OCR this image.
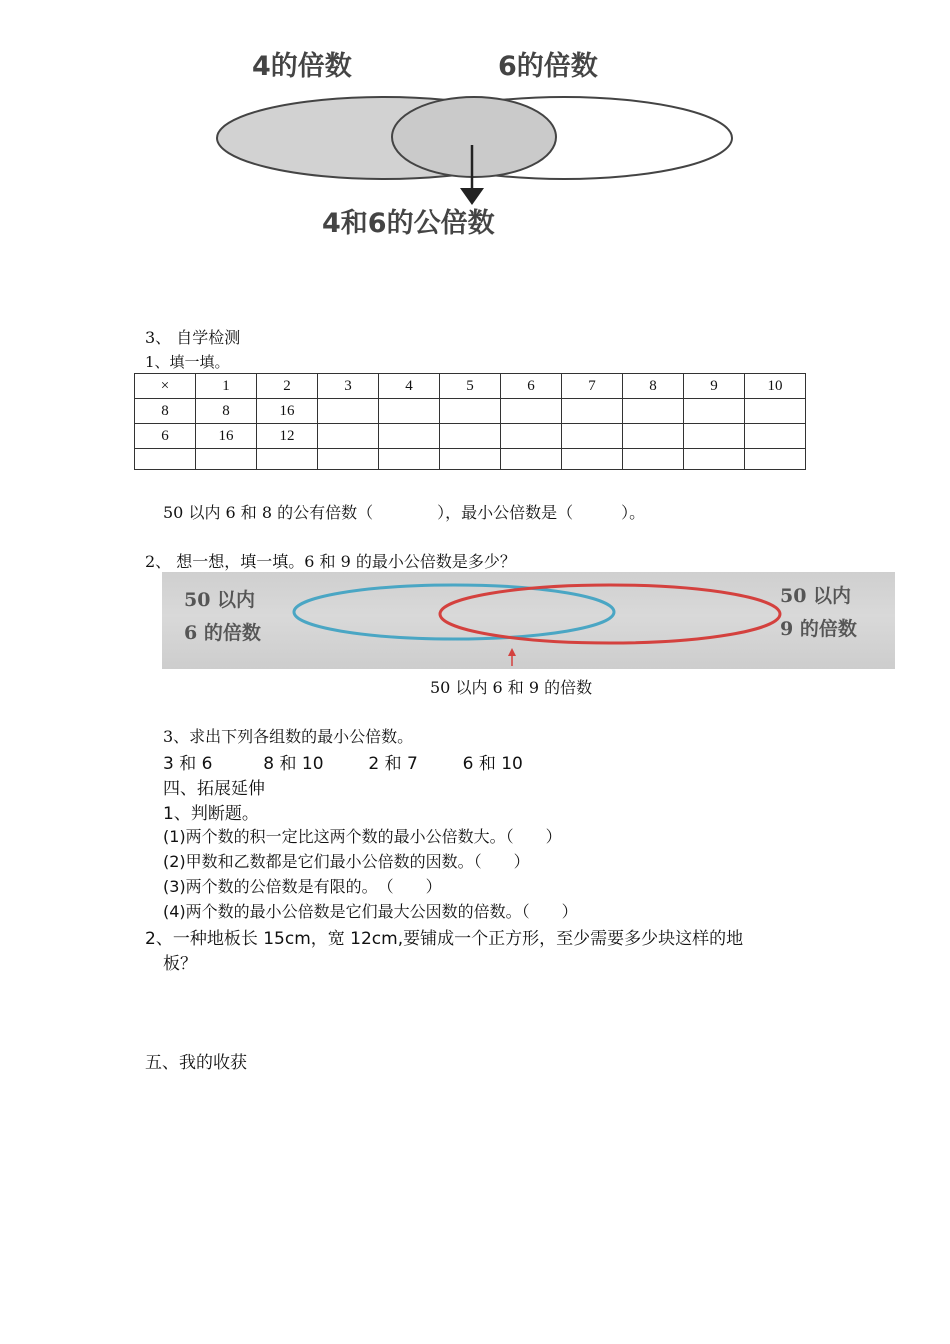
4的倍数	6的倍数
4和6的公倍数
3、 自学检测
1、填一填。
×	1	2	3	4	5	6	7	8	9	10
8	8	16								
6	16	12								

50 以内 6 和 8 的公有倍数（　　　　），最小公倍数是（　　　）。
2、 想一想，填一填。6 和 9 的最小公倍数是多少？
50 以内
6 的倍数
50 以内
9 的倍数
50 以内 6 和 9 的倍数
3、求出下列各组数的最小公倍数。
3 和 6	8 和 10	2 和 7	6 和 10
四、拓展延伸
1、判断题。
(1)两个数的积一定比这两个数的最小公倍数大。（　　）
(2)甲数和乙数都是它们最小公倍数的因数。（　　）
(3)两个数的公倍数是有限的。　（　　）
(4)两个数的最小公倍数是它们最大公因数的倍数。（　　）
2、一种地板长 15cm，宽 12cm,要铺成一个正方形，至少需要多少块这样的地
板？
五、我的收获
